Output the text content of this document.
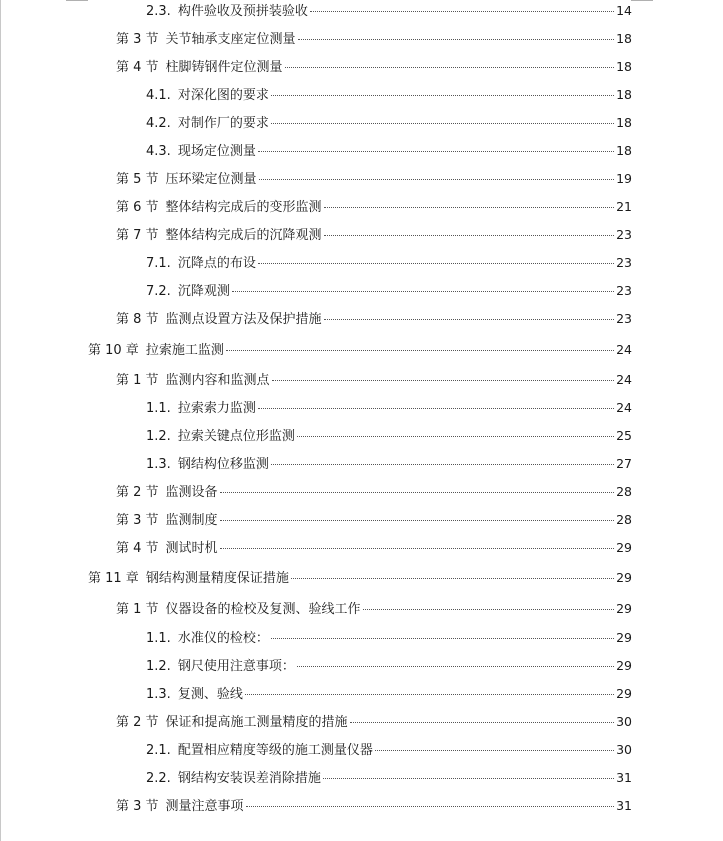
2.3. 构件验收及预拼装验收	14
第 3 节 关节轴承支座定位测量	18
第 4 节 柱脚铸钢件定位测量	18
4.1. 对深化图的要求	18
4.2. 对制作厂的要求	18
4.3. 现场定位测量	18
第 5 节 压环梁定位测量	19
第 6 节 整体结构完成后的变形监测	21
第 7 节 整体结构完成后的沉降观测	23
7.1. 沉降点的布设	23
7.2. 沉降观测	23
第 8 节 监测点设置方法及保护措施	23
第 10 章 拉索施工监测	24
第 1 节 监测内容和监测点	24
1.1. 拉索索力监测	24
1.2. 拉索关键点位形监测	25
1.3. 钢结构位移监测	27
第 2 节 监测设备	28
第 3 节 监测制度	28
第 4 节 测试时机	29
第 11 章 钢结构测量精度保证措施	29
第 1 节 仪器设备的检校及复测、验线工作	29
1.1. 水准仪的检校：	29
1.2. 钢尺使用注意事项：	29
1.3. 复测、验线	29
第 2 节 保证和提高施工测量精度的措施	30
2.1. 配置相应精度等级的施工测量仪器	30
2.2. 钢结构安装误差消除措施	31
第 3 节 测量注意事项	31
